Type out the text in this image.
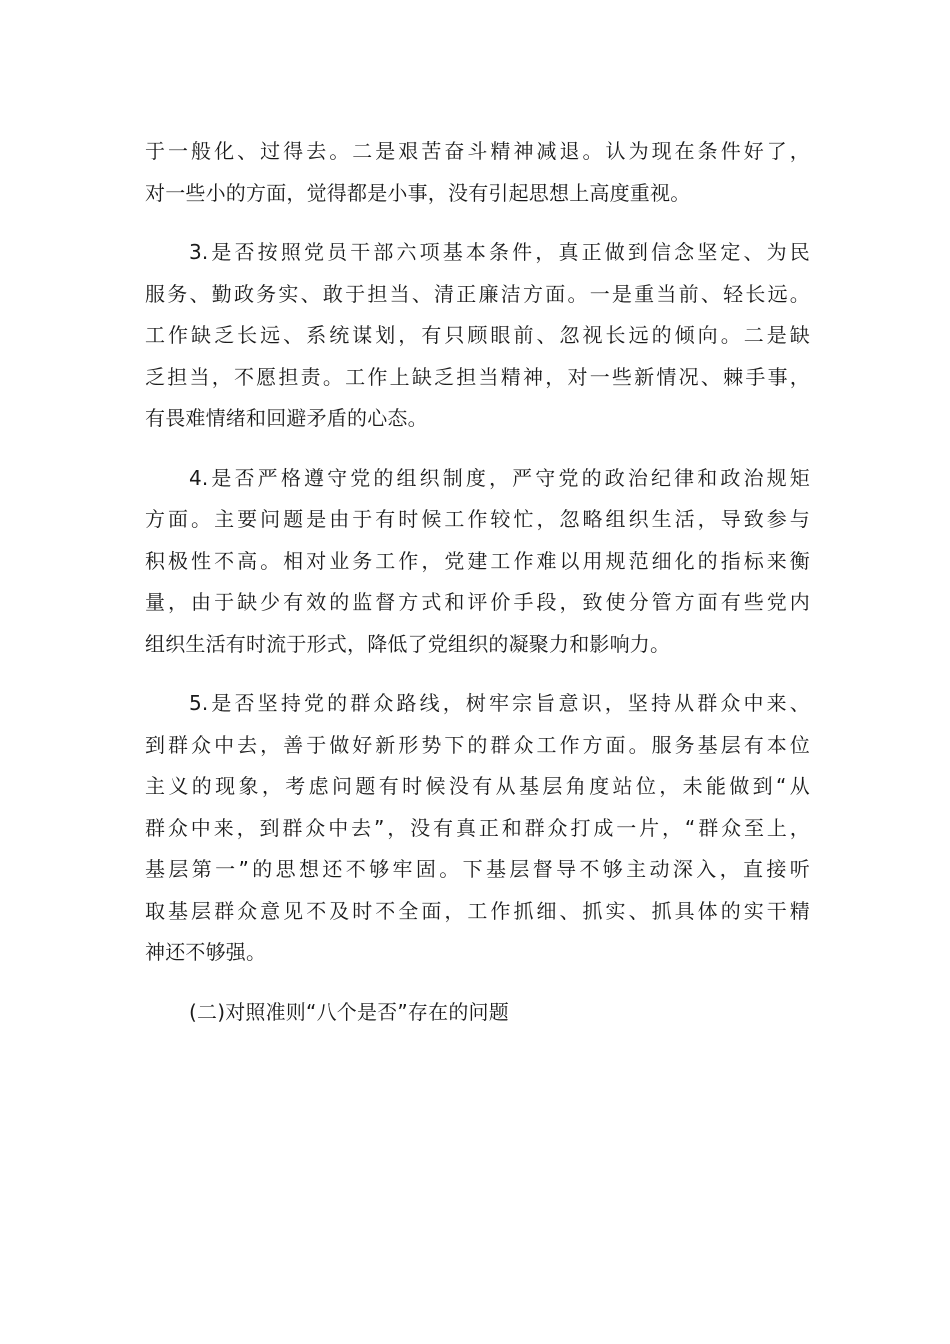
于一般化、过得去。二是艰苦奋斗精神减退。认为现在条件好了，
对一些小的方面，觉得都是小事，没有引起思想上高度重视。

3.是否按照党员干部六项基本条件，真正做到信念坚定、为民
服务、勤政务实、敢于担当、清正廉洁方面。一是重当前、轻长远。
工作缺乏长远、系统谋划，有只顾眼前、忽视长远的倾向。二是缺
乏担当，不愿担责。工作上缺乏担当精神，对一些新情况、棘手事，
有畏难情绪和回避矛盾的心态。

4.是否严格遵守党的组织制度，严守党的政治纪律和政治规矩
方面。主要问题是由于有时候工作较忙，忽略组织生活，导致参与
积极性不高。相对业务工作，党建工作难以用规范细化的指标来衡
量，由于缺少有效的监督方式和评价手段，致使分管方面有些党内
组织生活有时流于形式，降低了党组织的凝聚力和影响力。

5.是否坚持党的群众路线，树牢宗旨意识，坚持从群众中来、
到群众中去，善于做好新形势下的群众工作方面。服务基层有本位
主义的现象，考虑问题有时候没有从基层角度站位，未能做到“从
群众中来，到群众中去”，没有真正和群众打成一片，“群众至上，
基层第一”的思想还不够牢固。下基层督导不够主动深入，直接听
取基层群众意见不及时不全面，工作抓细、抓实、抓具体的实干精
神还不够强。

(二)对照准则“八个是否”存在的问题
